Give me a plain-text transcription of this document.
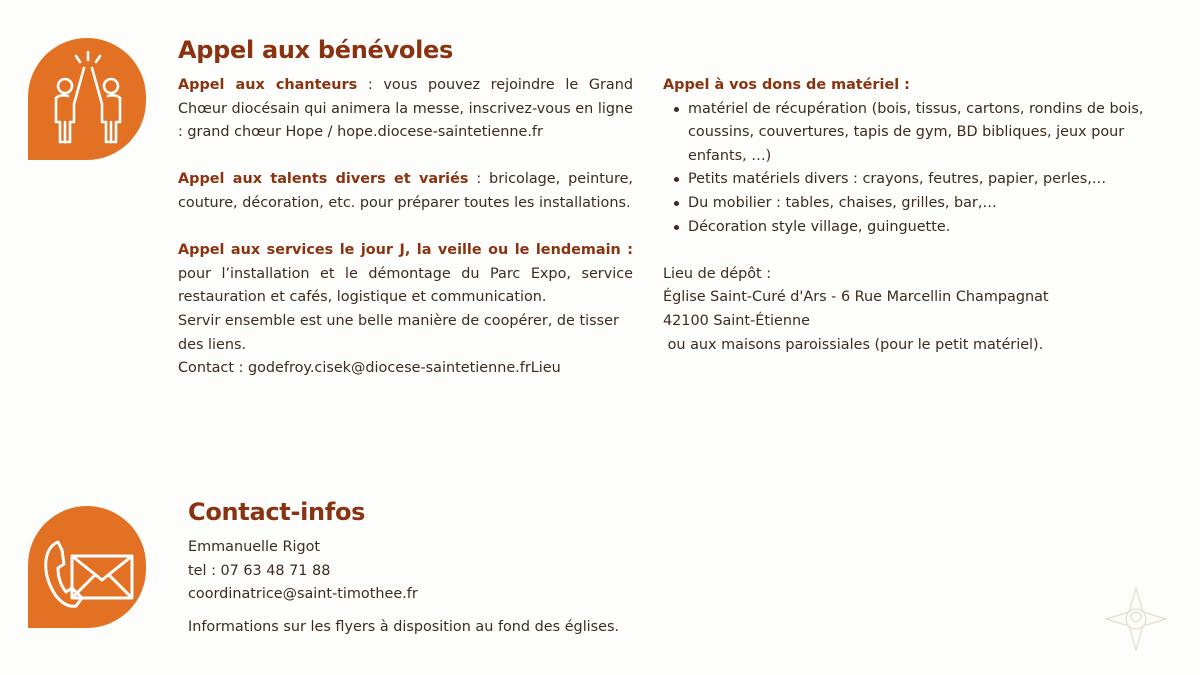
Appel aux bénévoles

Appel aux chanteurs : vous pouvez rejoindre le Grand Chœur diocésain qui animera la messe, inscrivez-vous en ligne : grand chœur Hope / hope.diocese-saintetienne.fr

Appel aux talents divers et variés : bricolage, peinture, couture, décoration, etc. pour préparer toutes les installations.

Appel aux services le jour J, la veille ou le lendemain : pour l’installation et le démontage du Parc Expo, service restauration et cafés, logistique et communication.

Servir ensemble est une belle manière de coopérer, de tisser des liens.

Contact : godefroy.cisek@diocese-saintetienne.frLieu

Appel à vos dons de matériel :

matériel de récupération (bois, tissus, cartons, rondins de bois, coussins, couvertures, tapis de gym, BD bibliques, jeux pour enfants, …)
Petits matériels divers : crayons, feutres, papier, perles,…
Du mobilier : tables, chaises, grilles, bar,…
Décoration style village, guinguette.

Lieu de dépôt :

Église Saint-Curé d'Ars - 6 Rue Marcellin Champagnat

42100 Saint-Étienne

ou aux maisons paroissiales (pour le petit matériel).

Contact-infos

Emmanuelle Rigot

tel : 07 63 48 71 88

coordinatrice@saint-timothee.fr

Informations sur les flyers à disposition au fond des églises.
